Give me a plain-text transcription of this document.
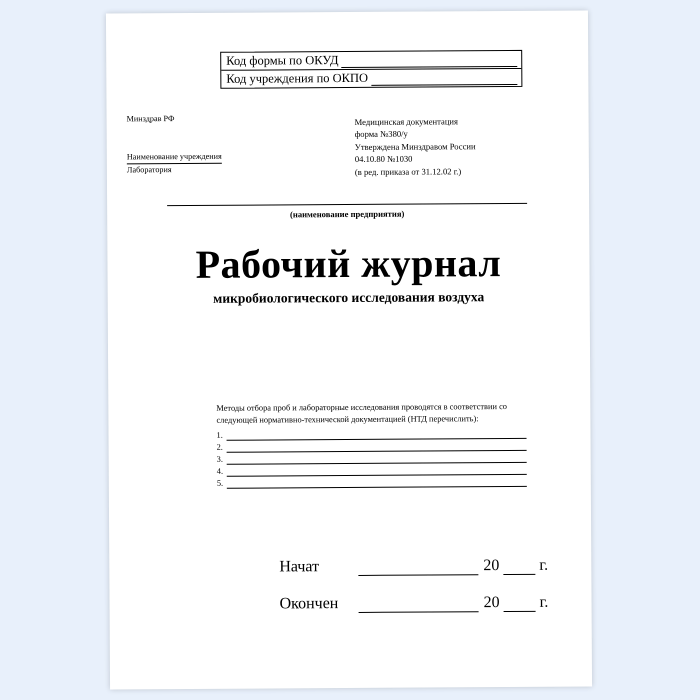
Код формы по ОКУД
Код учреждения по ОКПО
Минздрав РФ
Наименование учреждения
Лаборатория
Медицинская документация
форма №380/у
Утверждена Минздравом России
04.10.80 №1030
(в ред. приказа от 31.12.02 г.)
(наименование предприятия)
Рабочий журнал
микробиологического исследования воздуха
Методы отбора проб и лабораторные исследования проводятся в соответствии со следующей нормативно-технической документацией (НТД перечислить):
1.
2.
3.
4.
5.
Начат	20 г.
Окончен	20 г.
